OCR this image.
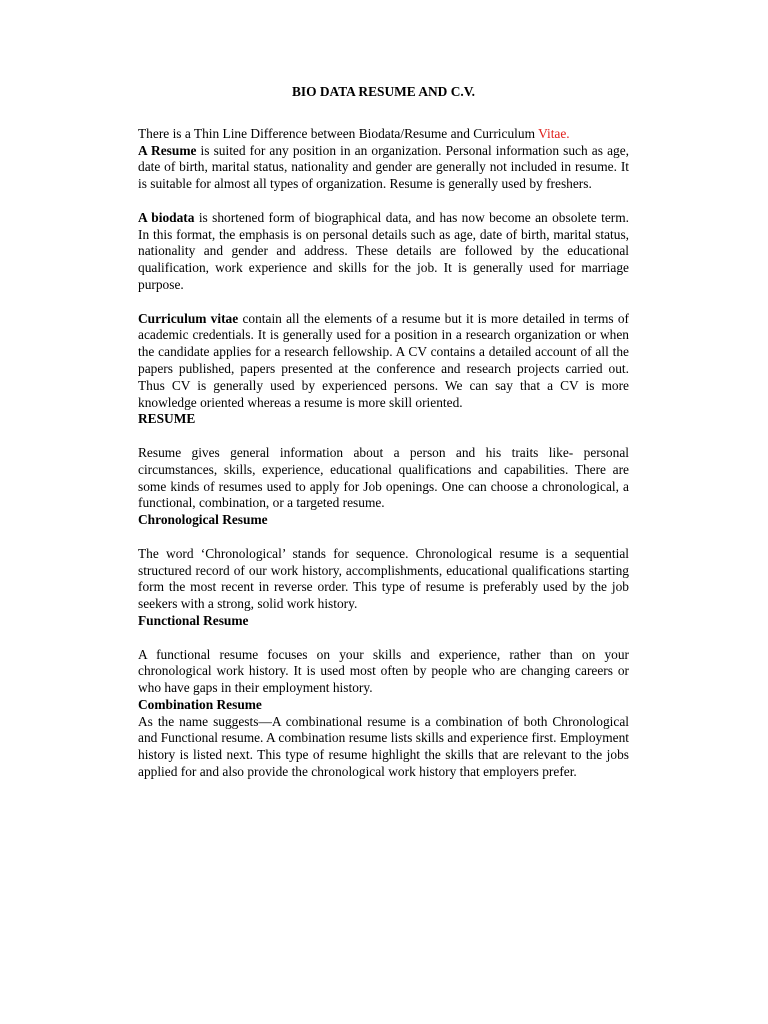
BIO DATA RESUME AND C.V.

There is a Thin Line Difference between Biodata/Resume and Curriculum Vitae.

A Resume is suited for any position in an organization. Personal information such as age, date of birth, marital status, nationality and gender are generally not included in resume. It is suitable for almost all types of organization. Resume is generally used by freshers.

A biodata is shortened form of biographical data, and has now become an obsolete term. In this format, the emphasis is on personal details such as age, date of birth, marital status, nationality and gender and address. These details are followed by the educational qualification, work experience and skills for the job. It is generally used for marriage purpose.

Curriculum vitae contain all the elements of a resume but it is more detailed in terms of academic credentials. It is generally used for a position in a research organization or when the candidate applies for a research fellowship. A CV contains a detailed account of all the papers published, papers presented at the conference and research projects carried out. Thus CV is generally used by experienced persons. We can say that a CV is more knowledge oriented whereas a resume is more skill oriented.

RESUME

Resume gives general information about a person and his traits like- personal circumstances, skills, experience, educational qualifications and capabilities. There are some kinds of resumes used to apply for Job openings. One can choose a chronological, a functional, combination, or a targeted resume.

Chronological Resume

The word ‘Chronological’ stands for sequence. Chronological resume is a sequential structured record of our work history, accomplishments, educational qualifications starting form the most recent in reverse order. This type of resume is preferably used by the job seekers with a strong, solid work history.

Functional Resume

A functional resume focuses on your skills and experience, rather than on your chronological work history. It is used most often by people who are changing careers or who have gaps in their employment history.

Combination Resume

As the name suggests—A combinational resume is a combination of both Chronological and Functional resume. A combination resume lists skills and experience first. Employment history is listed next. This type of resume highlight the skills that are relevant to the jobs applied for and also provide the chronological work history that employers prefer.
